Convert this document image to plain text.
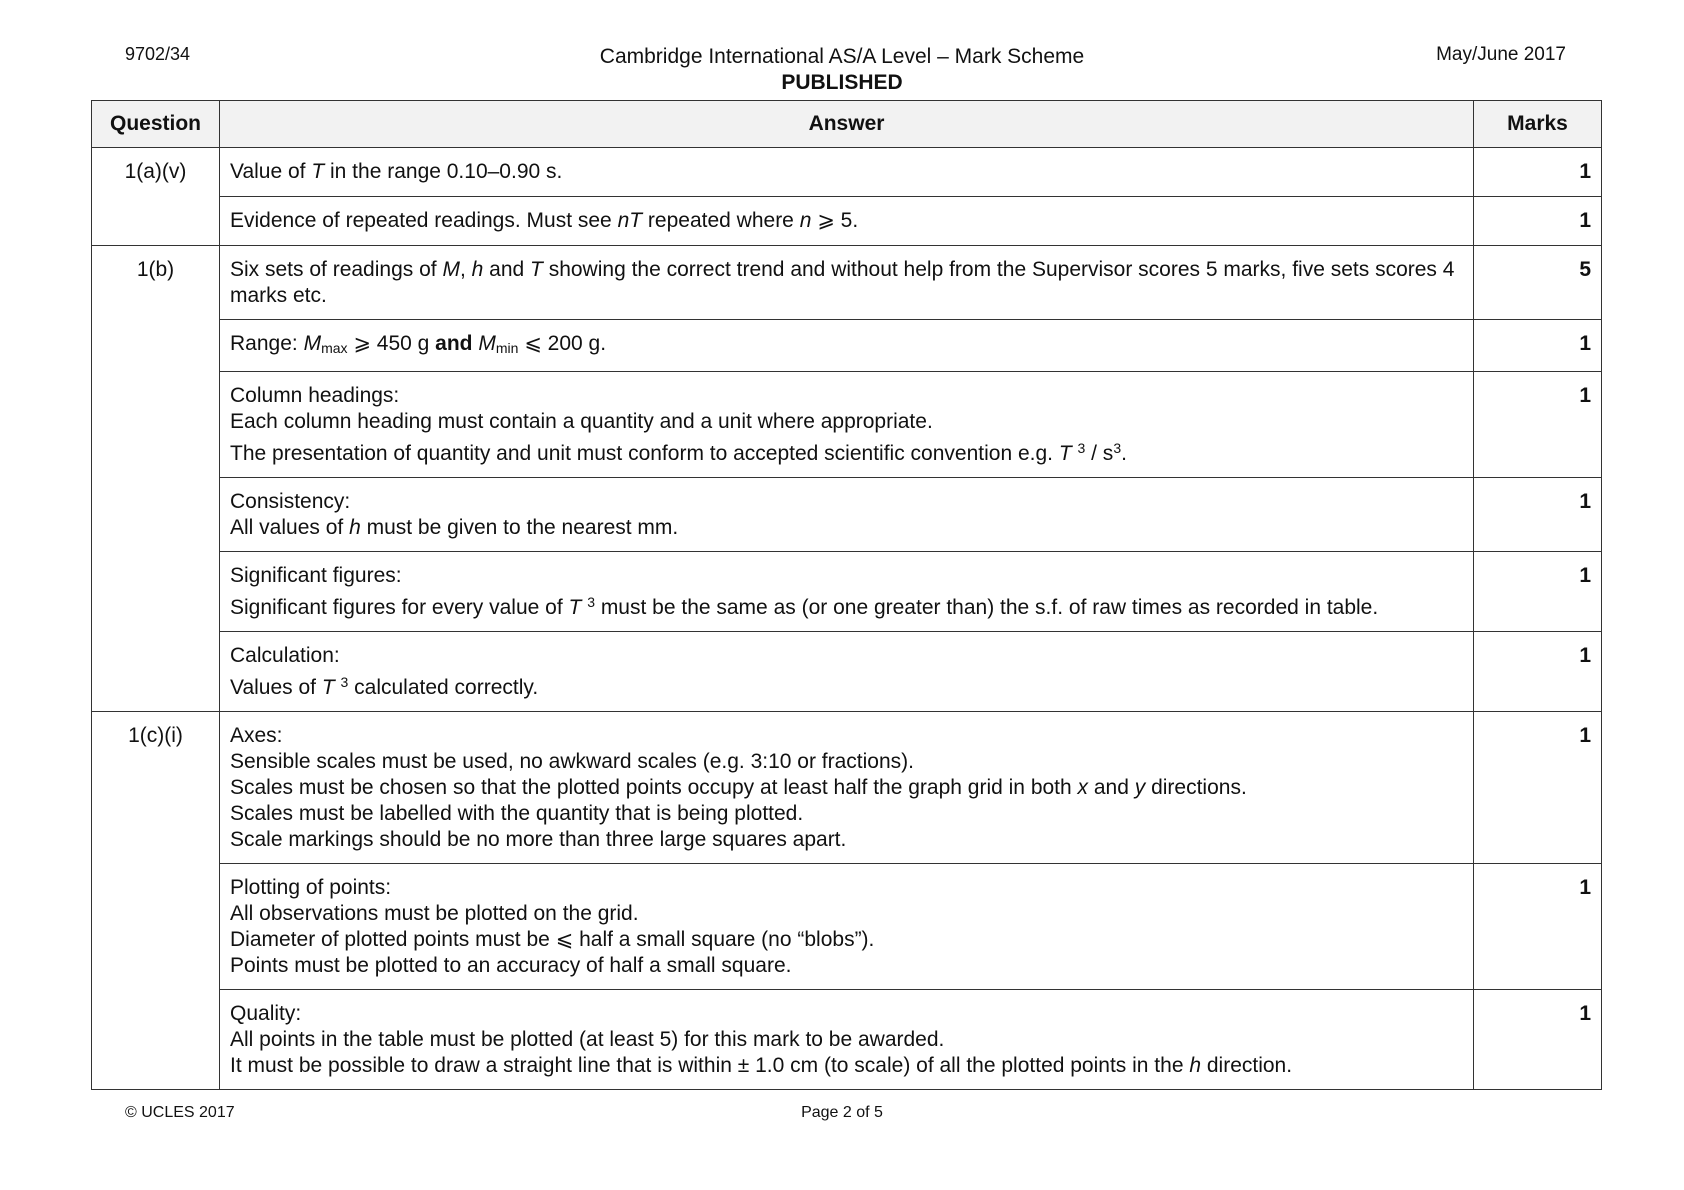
9702/34	Cambridge International AS/A Level – Mark Scheme
PUBLISHED
May/June 2017
Question	Answer	Marks
1(a)(v)	Value of T in the range 0.10–0.90 s.	1
	Evidence of repeated readings. Must see nT repeated where n ⩾ 5.	1
1(b)	Six sets of readings of M, h and T showing the correct trend and without help from the Supervisor scores 5 marks, five sets scores 4 marks etc.	5
	Range: $M_{max}$ ⩾ 450 g and $M_{min}$ ⩽ 200 g.	1

	Column headings:
Each column heading must contain a quantity and a unit where appropriate.
The presentation of quantity and unit must conform to accepted scientific convention e.g. T $^3 / s^3$.	1

	Consistency:
All values of h must be given to the nearest mm.	1

	Significant figures:
Significant figures for every value of T $^3$ must be the same as (or one greater than) the s.f. of raw times as recorded in table.	1

	Calculation:
Values of T $^3$ calculated correctly.	1
1(c)(i)	Axes:
Sensible scales must be used, no awkward scales (e.g. 3:10 or fractions).
Scales must be chosen so that the plotted points occupy at least half the graph grid in both x and y directions.
Scales must be labelled with the quantity that is being plotted.
Scale markings should be no more than three large squares apart.	1

	Plotting of points:
All observations must be plotted on the grid.
Diameter of plotted points must be ⩽ half a small square (no “blobs”).
Points must be plotted to an accuracy of half a small square.	1

	Quality:
All points in the table must be plotted (at least 5) for this mark to be awarded.
It must be possible to draw a straight line that is within ± 1.0 cm (to scale) of all the plotted points in the h direction.	1
© UCLES 2017	Page 2 of 5
